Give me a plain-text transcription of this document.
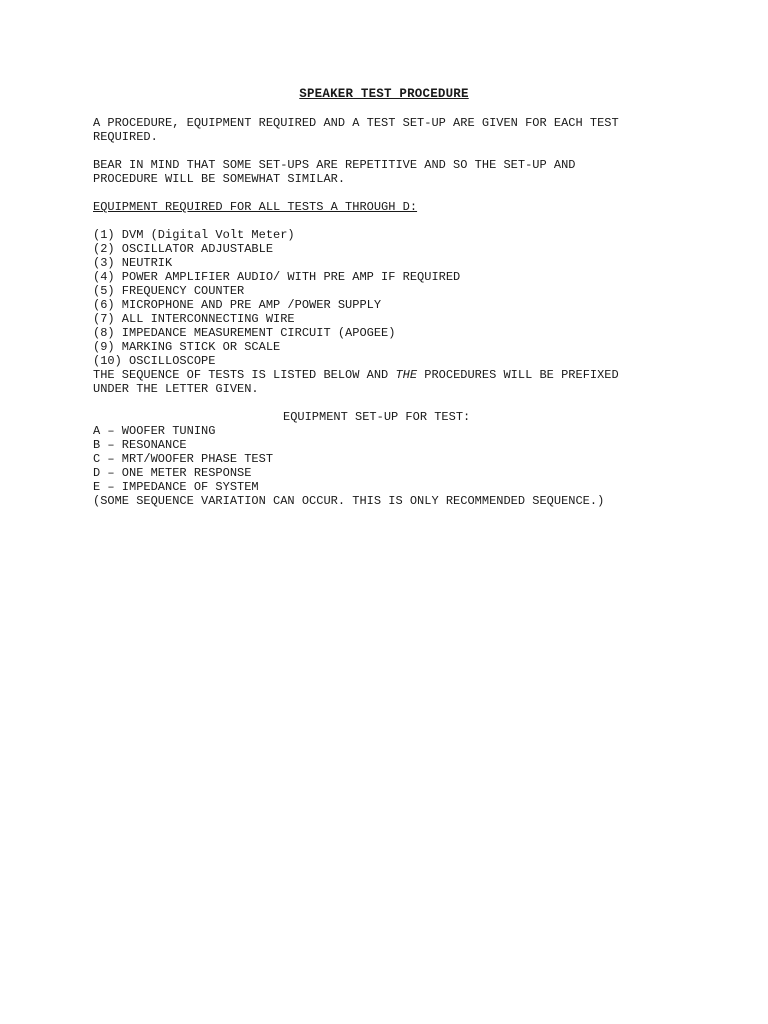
SPEAKER TEST PROCEDURE

A PROCEDURE, EQUIPMENT REQUIRED AND A TEST SET-UP ARE GIVEN FOR EACH TEST

REQUIRED.

BEAR IN MIND THAT SOME SET-UPS ARE REPETITIVE AND SO THE SET-UP AND

PROCEDURE WILL BE SOMEWHAT SIMILAR.

EQUIPMENT REQUIRED FOR ALL TESTS A THROUGH D:

(1) DVM (Digital Volt Meter)
(2) OSCILLATOR ADJUSTABLE
(3) NEUTRIK
(4) POWER AMPLIFIER AUDIO/ WITH PRE AMP IF REQUIRED
(5) FREQUENCY COUNTER
(6) MICROPHONE AND PRE AMP /POWER SUPPLY
(7) ALL INTERCONNECTING WIRE
(8) IMPEDANCE MEASUREMENT CIRCUIT (APOGEE)
(9) MARKING STICK OR SCALE
(10) OSCILLOSCOPE

THE SEQUENCE OF TESTS IS LISTED BELOW AND THE PROCEDURES WILL BE PREFIXED

UNDER THE LETTER GIVEN.

EQUIPMENT SET-UP FOR TEST:

A – WOOFER TUNING
B – RESONANCE
C – MRT/WOOFER PHASE TEST
D – ONE METER RESPONSE
E – IMPEDANCE OF SYSTEM

(SOME SEQUENCE VARIATION CAN OCCUR. THIS IS ONLY RECOMMENDED SEQUENCE.)
